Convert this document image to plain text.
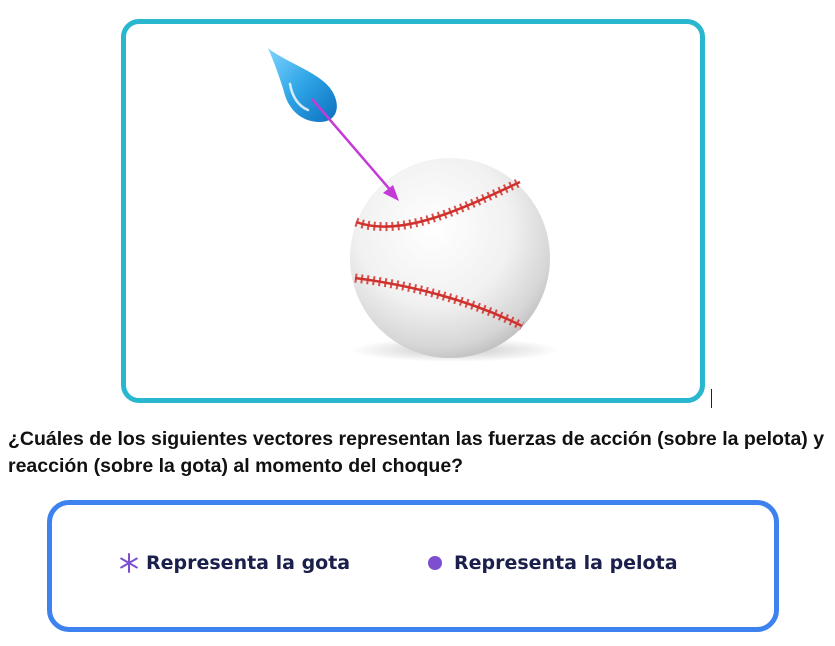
¿Cuáles de los siguientes vectores representan las fuerzas de acción (sobre la pelota) y reacción (sobre la gota) al momento del choque?
Representa la gota	Representa la pelota
